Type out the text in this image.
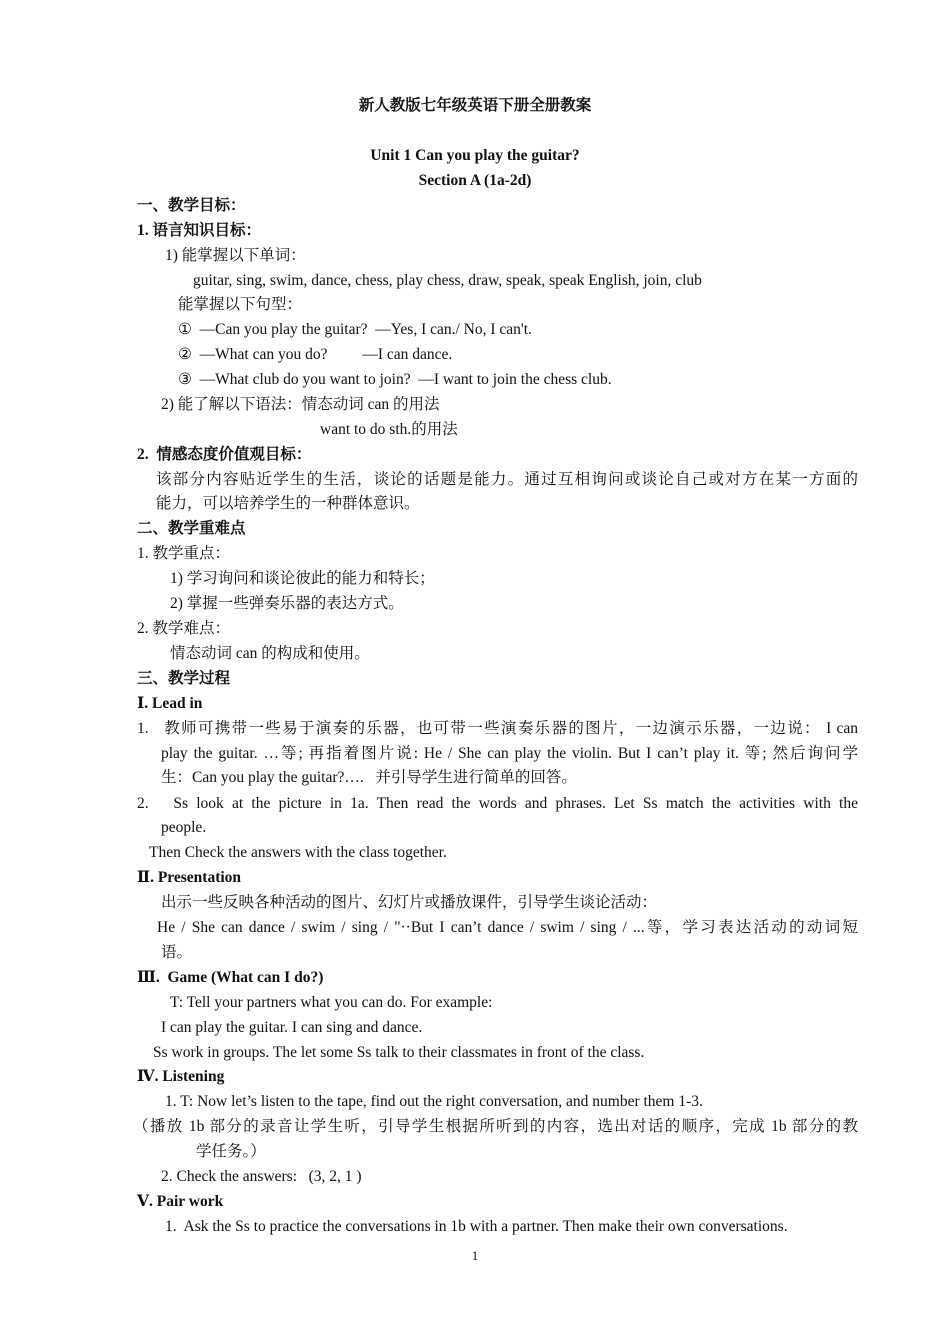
新人教版七年级英语下册全册教案
Unit 1 Can you play the guitar?
Section A (1a-2d)
一、教学目标：
1. 语言知识目标：
1) 能掌握以下单词：
guitar, sing, swim, dance, chess, play chess, draw, speak, speak English, join, club
能掌握以下句型：
①  —Can you play the guitar?  —Yes, I can./ No, I can't.
②  —What can you do?         —I can dance.
③  —What club do you want to join?  —I want to join the chess club.
2) 能了解以下语法：情态动词 can 的用法
want to do sth.的用法
2.  情感态度价值观目标：
该部分内容贴近学生的生活，谈论的话题是能力。通过互相询问或谈论自己或对方在某一方面的
能力，可以培养学生的一种群体意识。
二、教学重难点
1. 教学重点：
1) 学习询问和谈论彼此的能力和特长；
2) 掌握一些弹奏乐器的表达方式。
2. 教学难点：
情态动词 can 的构成和使用。
三、教学过程
Ⅰ. Lead in
1.   教师可携带一些易于演奏的乐器，也可带一些演奏乐器的图片，一边演示乐器，一边说： I can
play the guitar. …等; 再指着图片说: He / She can play the violin. But I can’t play it. 等; 然后询问学
生：Can you play the guitar?….   并引导学生进行简单的回答。
2.   Ss look at the picture in 1a. Then read the words and phrases. Let Ss match the activities with the
people.
Then Check the answers with the class together.
Ⅱ. Presentation
出示一些反映各种活动的图片、幻灯片或播放课件，引导学生谈论活动：
He / She can dance / swim / sing / "··But I can’t dance / swim / sing / ...等，学习表达活动的动词短
语。
Ⅲ.  Game (What can I do?)
T: Tell your partners what you can do. For example:
I can play the guitar. I can sing and dance.
Ss work in groups. The let some Ss talk to their classmates in front of the class.
Ⅳ. Listening
1. T: Now let’s listen to the tape, find out the right conversation, and number them 1-3.
（播放 1b 部分的录音让学生听，引导学生根据所听到的内容，选出对话的顺序，完成 1b 部分的教
学任务。）
2. Check the answers:   (3, 2, 1 )
Ⅴ. Pair work
1.  Ask the Ss to practice the conversations in 1b with a partner. Then make their own conversations.
1
